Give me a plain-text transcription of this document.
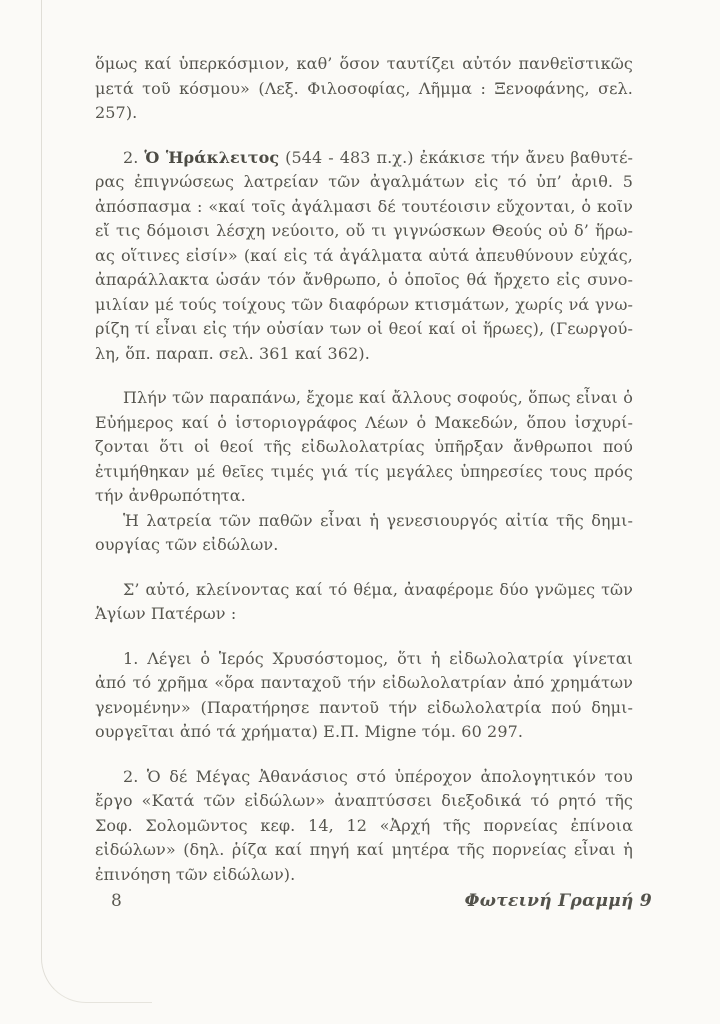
ὅμως καί ὑπερκόσμιον, καθ’ ὅσον ταυτίζει αὐτόν πανθεϊστικῶς
μετά τοῦ κόσμου» (Λεξ. Φιλοσοφίας, Λῆμμα : Ξενοφάνης, σελ.
257).
2. Ὁ Ἡράκλειτος (544 - 483 π.χ.) ἐκάκισε τήν ἄνευ βαθυτέ-
ρας ἐπιγνώσεως λατρείαν τῶν ἀγαλμάτων εἰς τό ὑπ’ ἀριθ. 5
ἀπόσπασμα : «καί τοῖς ἀγάλμασι δέ τουτέοισιν εὔχονται, ὁ κοῖν
εἴ τις δόμοισι λέσχη νεύοιτο, οὔ τι γιγνώσκων Θεούς οὐ δ’ ἥρω-
ας οἵτινες εἰσίν» (καί εἰς τά ἀγάλματα αὐτά ἀπευθύνουν εὐχάς,
ἀπαράλλακτα ὡσάν τόν ἄνθρωπο, ὁ ὁποῖος θά ἤρχετο εἰς συνο-
μιλίαν μέ τούς τοίχους τῶν διαφόρων κτισμάτων, χωρίς νά γνω-
ρίζη τί εἶναι εἰς τήν οὐσίαν των οἱ θεοί καί οἱ ἥρωες), (Γεωργού-
λη, ὅπ. παραπ. σελ. 361 καί 362).
Πλήν τῶν παραπάνω, ἔχομε καί ἄλλους σοφούς, ὅπως εἶναι ὁ
Εὐήμερος καί ὁ ἱστοριογράφος Λέων ὁ Μακεδών, ὅπου ἰσχυρί-
ζονται ὅτι οἱ θεοί τῆς εἰδωλολατρίας ὑπῆρξαν ἄνθρωποι πού
ἐτιμήθηκαν μέ θεῖες τιμές γιά τίς μεγάλες ὑπηρεσίες τους πρός
τήν ἀνθρωπότητα.
Ἡ λατρεία τῶν παθῶν εἶναι ἡ γενεσιουργός αἰτία τῆς δημι-
ουργίας τῶν εἰδώλων.
Σ’ αὐτό, κλείνοντας καί τό θέμα, ἀναφέρομε δύο γνῶμες τῶν
Ἁγίων Πατέρων :
1. Λέγει ὁ Ἱερός Χρυσόστομος, ὅτι ἡ εἰδωλολατρία γίνεται
ἀπό τό χρῆμα «ὅρα πανταχοῦ τήν εἰδωλολατρίαν ἀπό χρημάτων
γενομένην» (Παρατήρησε παντοῦ τήν εἰδωλολατρία πού δημι-
ουργεῖται ἀπό τά χρήματα) Ε.Π. Migne τόμ. 60 297.
2. Ὁ δέ Μέγας Ἀθανάσιος στό ὑπέροχον ἀπολογητικόν του
ἔργο «Κατά τῶν εἰδώλων» ἀναπτύσσει διεξοδικά τό ρητό τῆς
Σοφ. Σολομῶντος κεφ. 14, 12 «Ἀρχή τῆς πορνείας ἐπίνοια
εἰδώλων» (δηλ. ῥίζα καί πηγή καί μητέρα τῆς πορνείας εἶναι ἡ
ἐπινόηση τῶν εἰδώλων).
8	Φωτεινή Γραμμή 9
